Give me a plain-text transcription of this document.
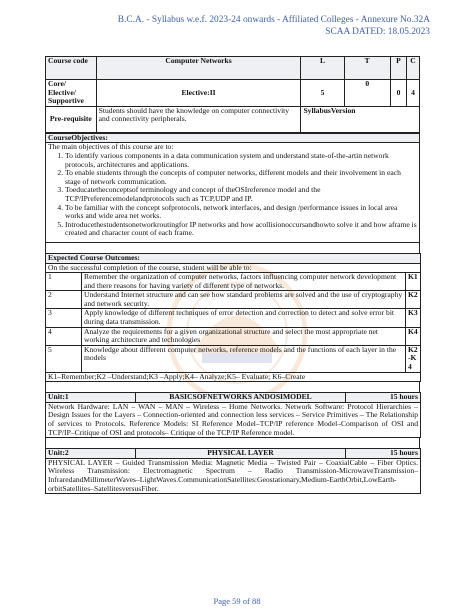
B.C.A. - Syllabus w.e.f. 2023-24 onwards - Affiliated Colleges - Annexure No.32A
SCAA DATED: 18.05.2023
Course code	Computer Networks	L	T	P	C
Core/ Elective/ Supportive	Elective:II	5	0	0	4
Pre-requisite	Students should have the knowledge on computer connectivity and connectivity peripherals.	SyllabusVersion			
CourseObjectives:

The main objectives of this course are to:
1. To identify various components in a data communication system and understand state-of-the-artin network protocols, architectures and applications.
2. To enable students through the concepts of computer networks, different models and their involvement in each stage of network communication.
3. Toeducatetheconceptsof terminology and concept of theOSIreference model and the TCP/IPreferencemodelandprotocols such as TCP,UDP and IP.
4. To be familiar with the concept sofprotocols, network interfaces, and design /performance issues in local area works and wide area net works.
5. Introducethestudentsonetworkroutingfor IP networks and how acollisionoccursandhowto solve it and how aframe is created and character count of each frame.
Expected Course Outcomes:		
On the successful completion of the course, student will be able to:		
1	Remember the organization of computer networks, factors influencing computer network development and there reasons for having variety of different type of networks.	K1
2	Understand Internet structure and can see how standard problems are solved and the use of cryptography and network security.	K2
3	Apply knowledge of different techniques of error detection and correction to detect and solve error bit during data transmission.	K3
4	Analyze the requirements for a given organizational structure and select the most appropriate net working architecture and technologies	K4
5	Knowledge about different computer networks, reference models and the functions of each layer in the models	K2-K4
K1–Remember;K2 –Understand;K3 –Apply;K4– Analyze;K5– Evaluate; K6–Create		
Unit:1	BASICSOFNETWORKS ANDOSIMODEL	15 hours
Network Hardware: LAN – WAN – MAN – Wireless – Home Networks. Network Software: Protocol Hierarchies – Design Issues for the Layers – Connection-oriented and connection less services – Service Primitives – The Relationship of services to Protocols. Reference Models: SI Reference Model–TCP/IP reference Model–Comparison of OSI and TCP/IP–Critique of OSI and protocols– Critique of the TCP/IP Reference model.
Unit:2	PHYSICAL LAYER	15 hours
PHYSICAL LAYER – Guided Transmission Media: Magnetic Media – Twisted Pair – CoaxialCable – Fiber Optics. Wireless Transmission: Electromagnetic Spectrum – Radio Transmission-MicrowaveTransmission–InfraredandMillimeterWaves–LightWaves.CommunicationSatellites:Geostationary,Medium-EarthOrbit,LowEarth-orbitSatellites–SatellitesversusFiber.
Page 59 of 88
